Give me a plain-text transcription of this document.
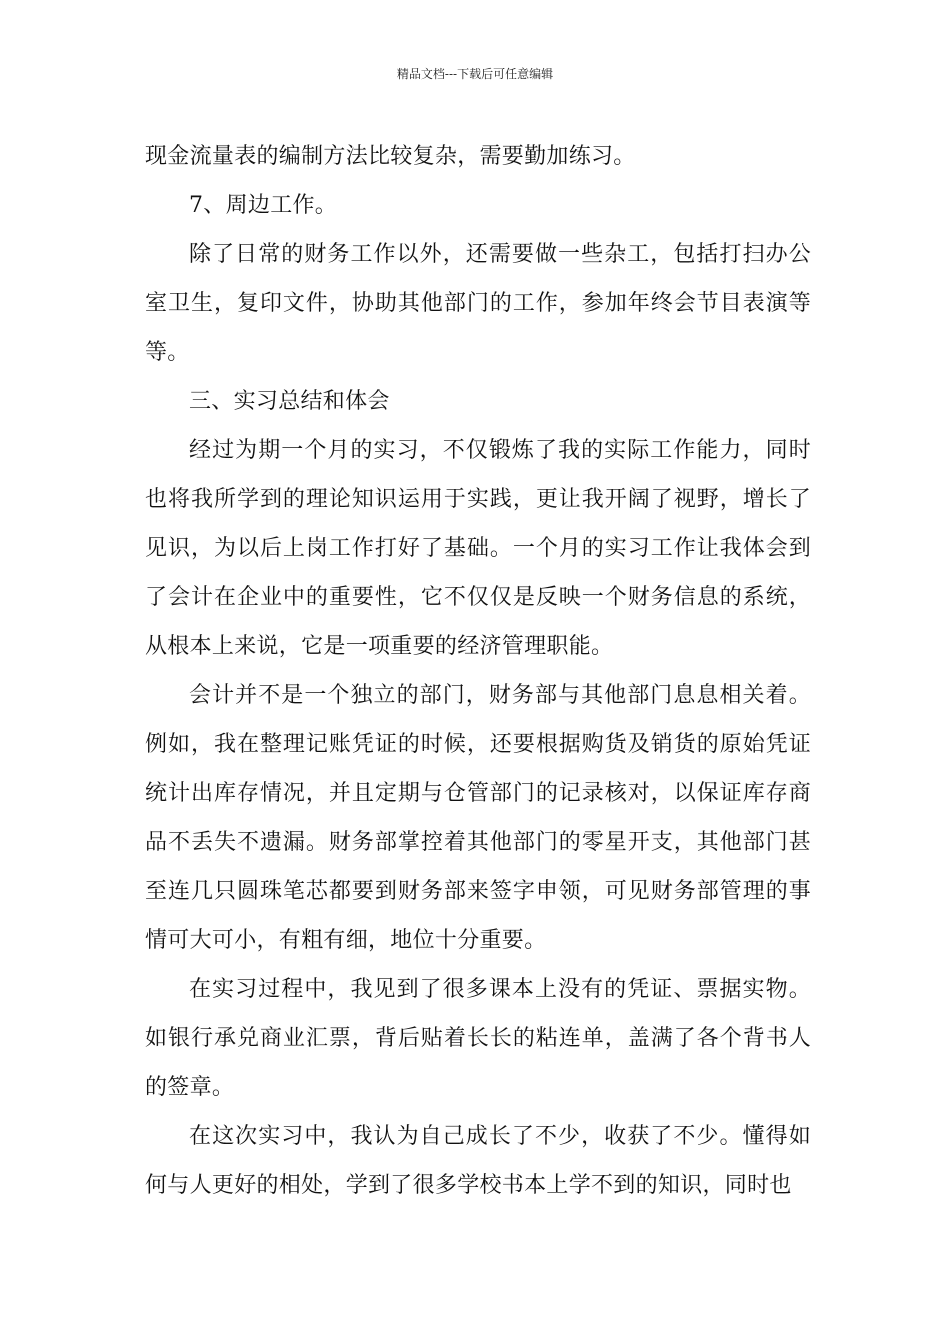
精品文档---下载后可任意编辑

现金流量表的编制方法比较复杂，需要勤加练习。

7、周边工作。

除了日常的财务工作以外，还需要做一些杂工，包括打扫办公室卫生，复印文件，协助其他部门的工作，参加年终会节目表演等等。

三、实习总结和体会

经过为期一个月的实习，不仅锻炼了我的实际工作能力，同时也将我所学到的理论知识运用于实践，更让我开阔了视野，增长了见识，为以后上岗工作打好了基础。一个月的实习工作让我体会到了会计在企业中的重要性，它不仅仅是反映一个财务信息的系统，从根本上来说，它是一项重要的经济管理职能。

会计并不是一个独立的部门，财务部与其他部门息息相关着。例如，我在整理记账凭证的时候，还要根据购货及销货的原始凭证统计出库存情况，并且定期与仓管部门的记录核对，以保证库存商品不丢失不遗漏。财务部掌控着其他部门的零星开支，其他部门甚至连几只圆珠笔芯都要到财务部来签字申领，可见财务部管理的事情可大可小，有粗有细，地位十分重要。

在实习过程中，我见到了很多课本上没有的凭证、票据实物。如银行承兑商业汇票，背后贴着长长的粘连单，盖满了各个背书人的签章。

在这次实习中，我认为自己成长了不少，收获了不少。懂得如何与人更好的相处，学到了很多学校书本上学不到的知识，同时也
